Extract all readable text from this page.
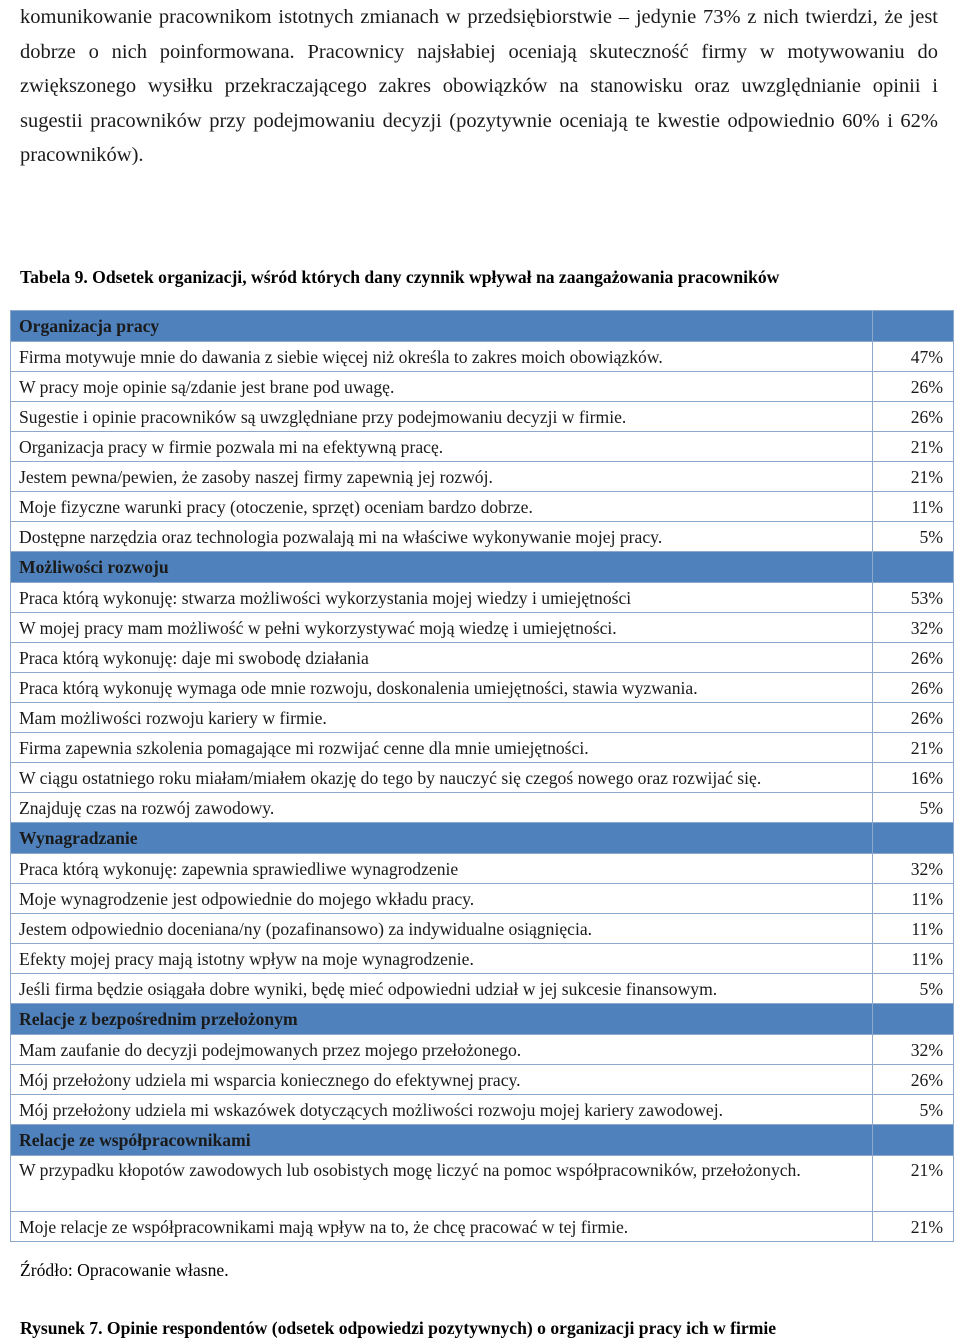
komunikowanie pracownikom istotnych zmianach w przedsiębiorstwie – jedynie 73% z nich twierdzi, że jest dobrze o nich poinformowana. Pracownicy najsłabiej oceniają skuteczność firmy w motywowaniu do zwiększonego wysiłku przekraczającego zakres obowiązków na stanowisku oraz uwzględnianie opinii i sugestii pracowników przy podejmowaniu decyzji (pozytywnie oceniają te kwestie odpowiednio 60% i 62% pracowników).
Tabela 9. Odsetek organizacji, wśród których dany czynnik wpływał na zaangażowania pracowników
Organizacja pracy	
Firma motywuje mnie do dawania z siebie więcej niż określa to zakres moich obowiązków.	47%
W pracy moje opinie są/zdanie jest brane pod uwagę.	26%
Sugestie i opinie pracowników są uwzględniane przy podejmowaniu decyzji w firmie.	26%
Organizacja pracy w firmie pozwala mi na efektywną pracę.	21%
Jestem pewna/pewien, że zasoby naszej firmy zapewnią jej rozwój.	21%
Moje fizyczne warunki pracy (otoczenie, sprzęt) oceniam bardzo dobrze.	11%
Dostępne narzędzia oraz technologia pozwalają mi na właściwe wykonywanie mojej pracy.	5%
Możliwości rozwoju	
Praca którą wykonuję: stwarza możliwości wykorzystania mojej wiedzy i umiejętności	53%
W mojej pracy mam możliwość w pełni wykorzystywać moją wiedzę i umiejętności.	32%
Praca którą wykonuję: daje mi swobodę działania	26%
Praca którą wykonuję wymaga ode mnie rozwoju, doskonalenia umiejętności, stawia wyzwania.	26%
Mam możliwości rozwoju kariery w firmie.	26%
Firma zapewnia szkolenia pomagające mi rozwijać cenne dla mnie umiejętności.	21%
W ciągu ostatniego roku miałam/miałem okazję do tego by nauczyć się czegoś nowego oraz rozwijać się.	16%
Znajduję czas na rozwój zawodowy.	5%
Wynagradzanie	
Praca którą wykonuję: zapewnia sprawiedliwe wynagrodzenie	32%
Moje wynagrodzenie jest odpowiednie do mojego wkładu pracy.	11%
Jestem odpowiednio doceniana/ny (pozafinansowo) za indywidualne osiągnięcia.	11%
Efekty mojej pracy mają istotny wpływ na moje wynagrodzenie.	11%
Jeśli firma będzie osiągała dobre wyniki, będę mieć odpowiedni udział w jej sukcesie finansowym.	5%
Relacje z bezpośrednim przełożonym	
Mam zaufanie do decyzji podejmowanych przez mojego przełożonego.	32%
Mój przełożony udziela mi wsparcia koniecznego do efektywnej pracy.	26%
Mój przełożony udziela mi wskazówek dotyczących możliwości rozwoju mojej kariery zawodowej.	5%
Relacje ze współpracownikami	
W przypadku kłopotów zawodowych lub osobistych mogę liczyć na pomoc współpracowników, przełożonych.	21%
Moje relacje ze współpracownikami mają wpływ na to, że chcę pracować w tej firmie.	21%
Źródło: Opracowanie własne.
Rysunek 7. Opinie respondentów (odsetek odpowiedzi pozytywnych) o organizacji pracy ich w firmie
